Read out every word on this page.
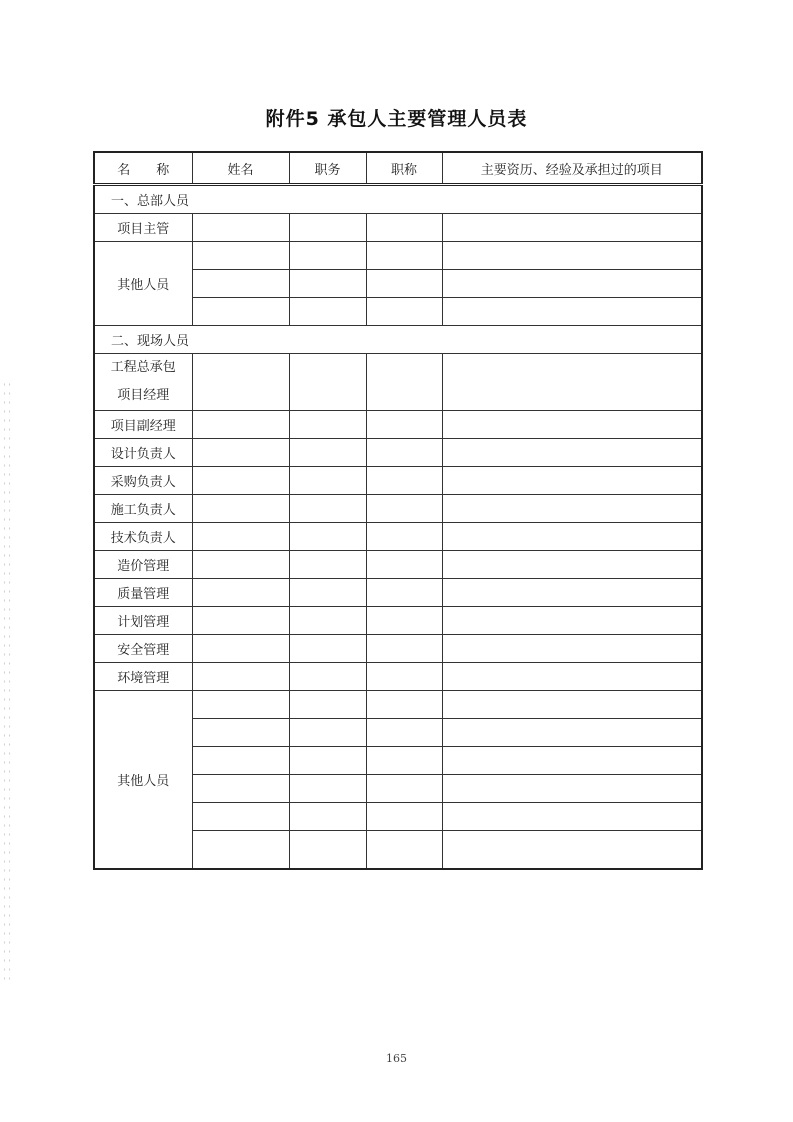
附件5 承包人主要管理人员表
名　　称	姓名	职务	职称	主要资历、经验及承担过的项目
一、总部人员				
项目主管				
其他人员				

二、现场人员				

工程总承包
项目经理				

项目副经理				
设计负责人				
采购负责人				
施工负责人				
技术负责人				
造价管理				
质量管理				
计划管理				
安全管理				
环境管理				
其他人员				

165
